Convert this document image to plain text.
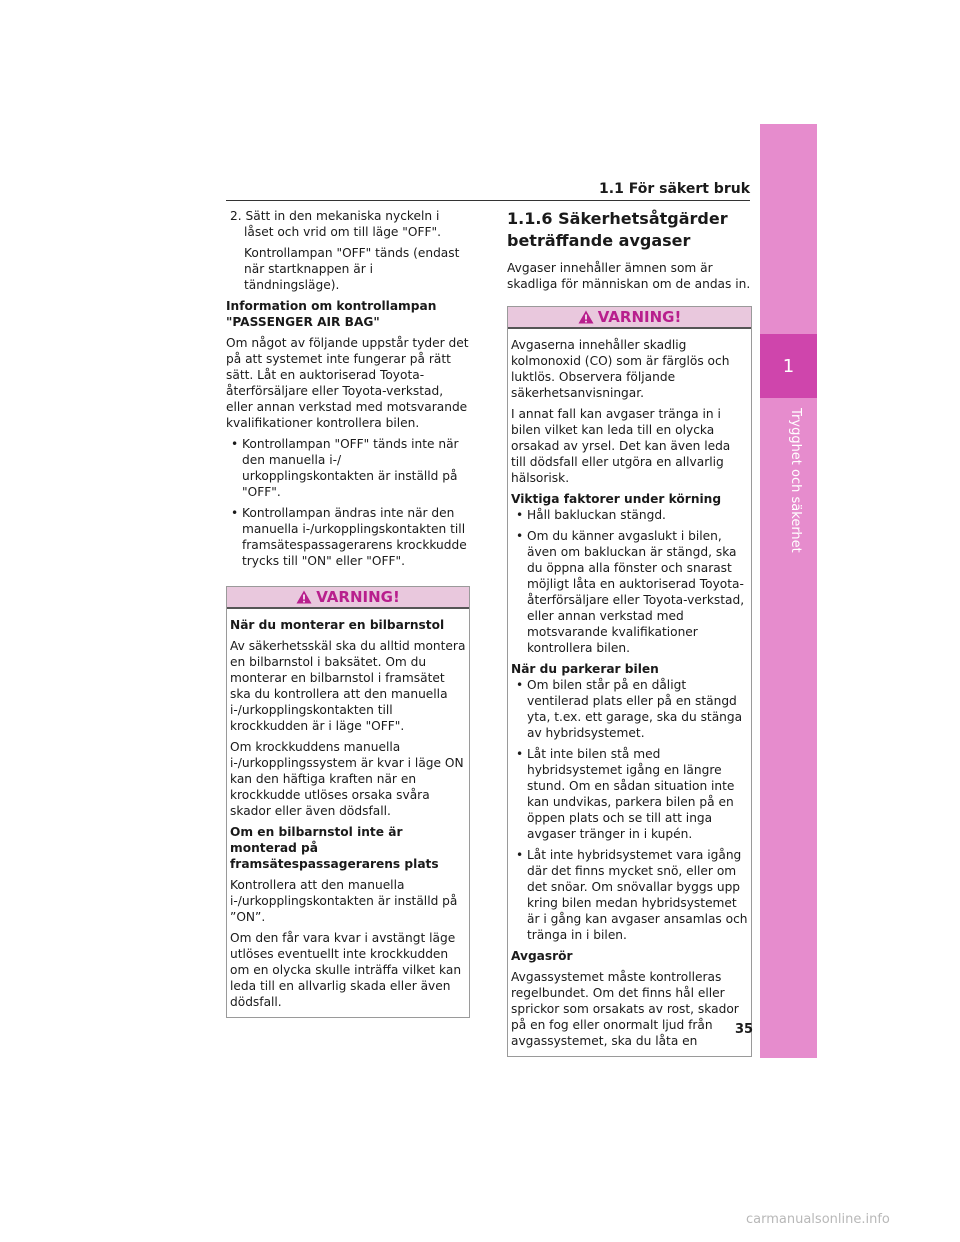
1.1 För säkert bruk
1
Trygghet och säkerhet

2. Sätt in den mekaniska nyckeln i låset och vrid om till läge "OFF".

Kontrollampan "OFF" tänds (endast när startknappen är i tändningsläge).

Information om kontrollampan "PASSENGER AIR BAG"

Om något av följande uppstår tyder det på att systemet inte fungerar på rätt sätt. Låt en auktoriserad Toyota-återförsäljare eller Toyota-verkstad, eller annan verkstad med motsvarande kvalifikationer kontrollera bilen.

• Kontrollampan "OFF" tänds inte när den manuella i-/ urkopplingskontakten är inställd på "OFF".
• Kontrollampan ändras inte när den manuella i-/urkopplingskontakten till framsätespassagerarens krockkudde trycks till "ON" eller "OFF".
VARNING!

När du monterar en bilbarnstol

Av säkerhetsskäl ska du alltid montera en bilbarnstol i baksätet. Om du monterar en bilbarnstol i framsätet ska du kontrollera att den manuella i-/urkopplingskontakten till krockkudden är i läge "OFF".

Om krockkuddens manuella i-/urkopplingssystem är kvar i läge ON kan den häftiga kraften när en krockkudde utlöses orsaka svåra skador eller även dödsfall.

Om en bilbarnstol inte är monterad på framsätespassagerarens plats

Kontrollera att den manuella i-/urkopplingskontakten är inställd på ”ON”.

Om den får vara kvar i avstängt läge utlöses eventuellt inte krockkudden om en olycka skulle inträffa vilket kan leda till en allvarlig skada eller även dödsfall.

1.1.6 Säkerhetsåtgärder beträffande avgaser

Avgaser innehåller ämnen som är skadliga för människan om de andas in.

VARNING!

Avgaserna innehåller skadlig kolmonoxid (CO) som är färglös och luktlös. Observera följande säkerhetsanvisningar.

I annat fall kan avgaser tränga in i bilen vilket kan leda till en olycka orsakad av yrsel. Det kan även leda till dödsfall eller utgöra en allvarlig hälsorisk.

Viktiga faktorer under körning

• Håll bakluckan stängd.
• Om du känner avgaslukt i bilen, även om bakluckan är stängd, ska du öppna alla fönster och snarast möjligt låta en auktoriserad Toyota-återförsäljare eller Toyota-verkstad, eller annan verkstad med motsvarande kvalifikationer kontrollera bilen.

När du parkerar bilen

• Om bilen står på en dåligt ventilerad plats eller på en stängd yta, t.ex. ett garage, ska du stänga av hybridsystemet.
• Låt inte bilen stå med hybridsystemet igång en längre stund. Om en sådan situation inte kan undvikas, parkera bilen på en öppen plats och se till att inga avgaser tränger in i kupén.
• Låt inte hybridsystemet vara igång där det finns mycket snö, eller om det snöar. Om snövallar byggs upp kring bilen medan hybridsystemet är i gång kan avgaser ansamlas och tränga in i bilen.

Avgasrör

Avgassystemet måste kontrolleras regelbundet. Om det finns hål eller sprickor som orsakats av rost, skador på en fog eller onormalt ljud från avgassystemet, ska du låta en

35
carmanualsonline.info
